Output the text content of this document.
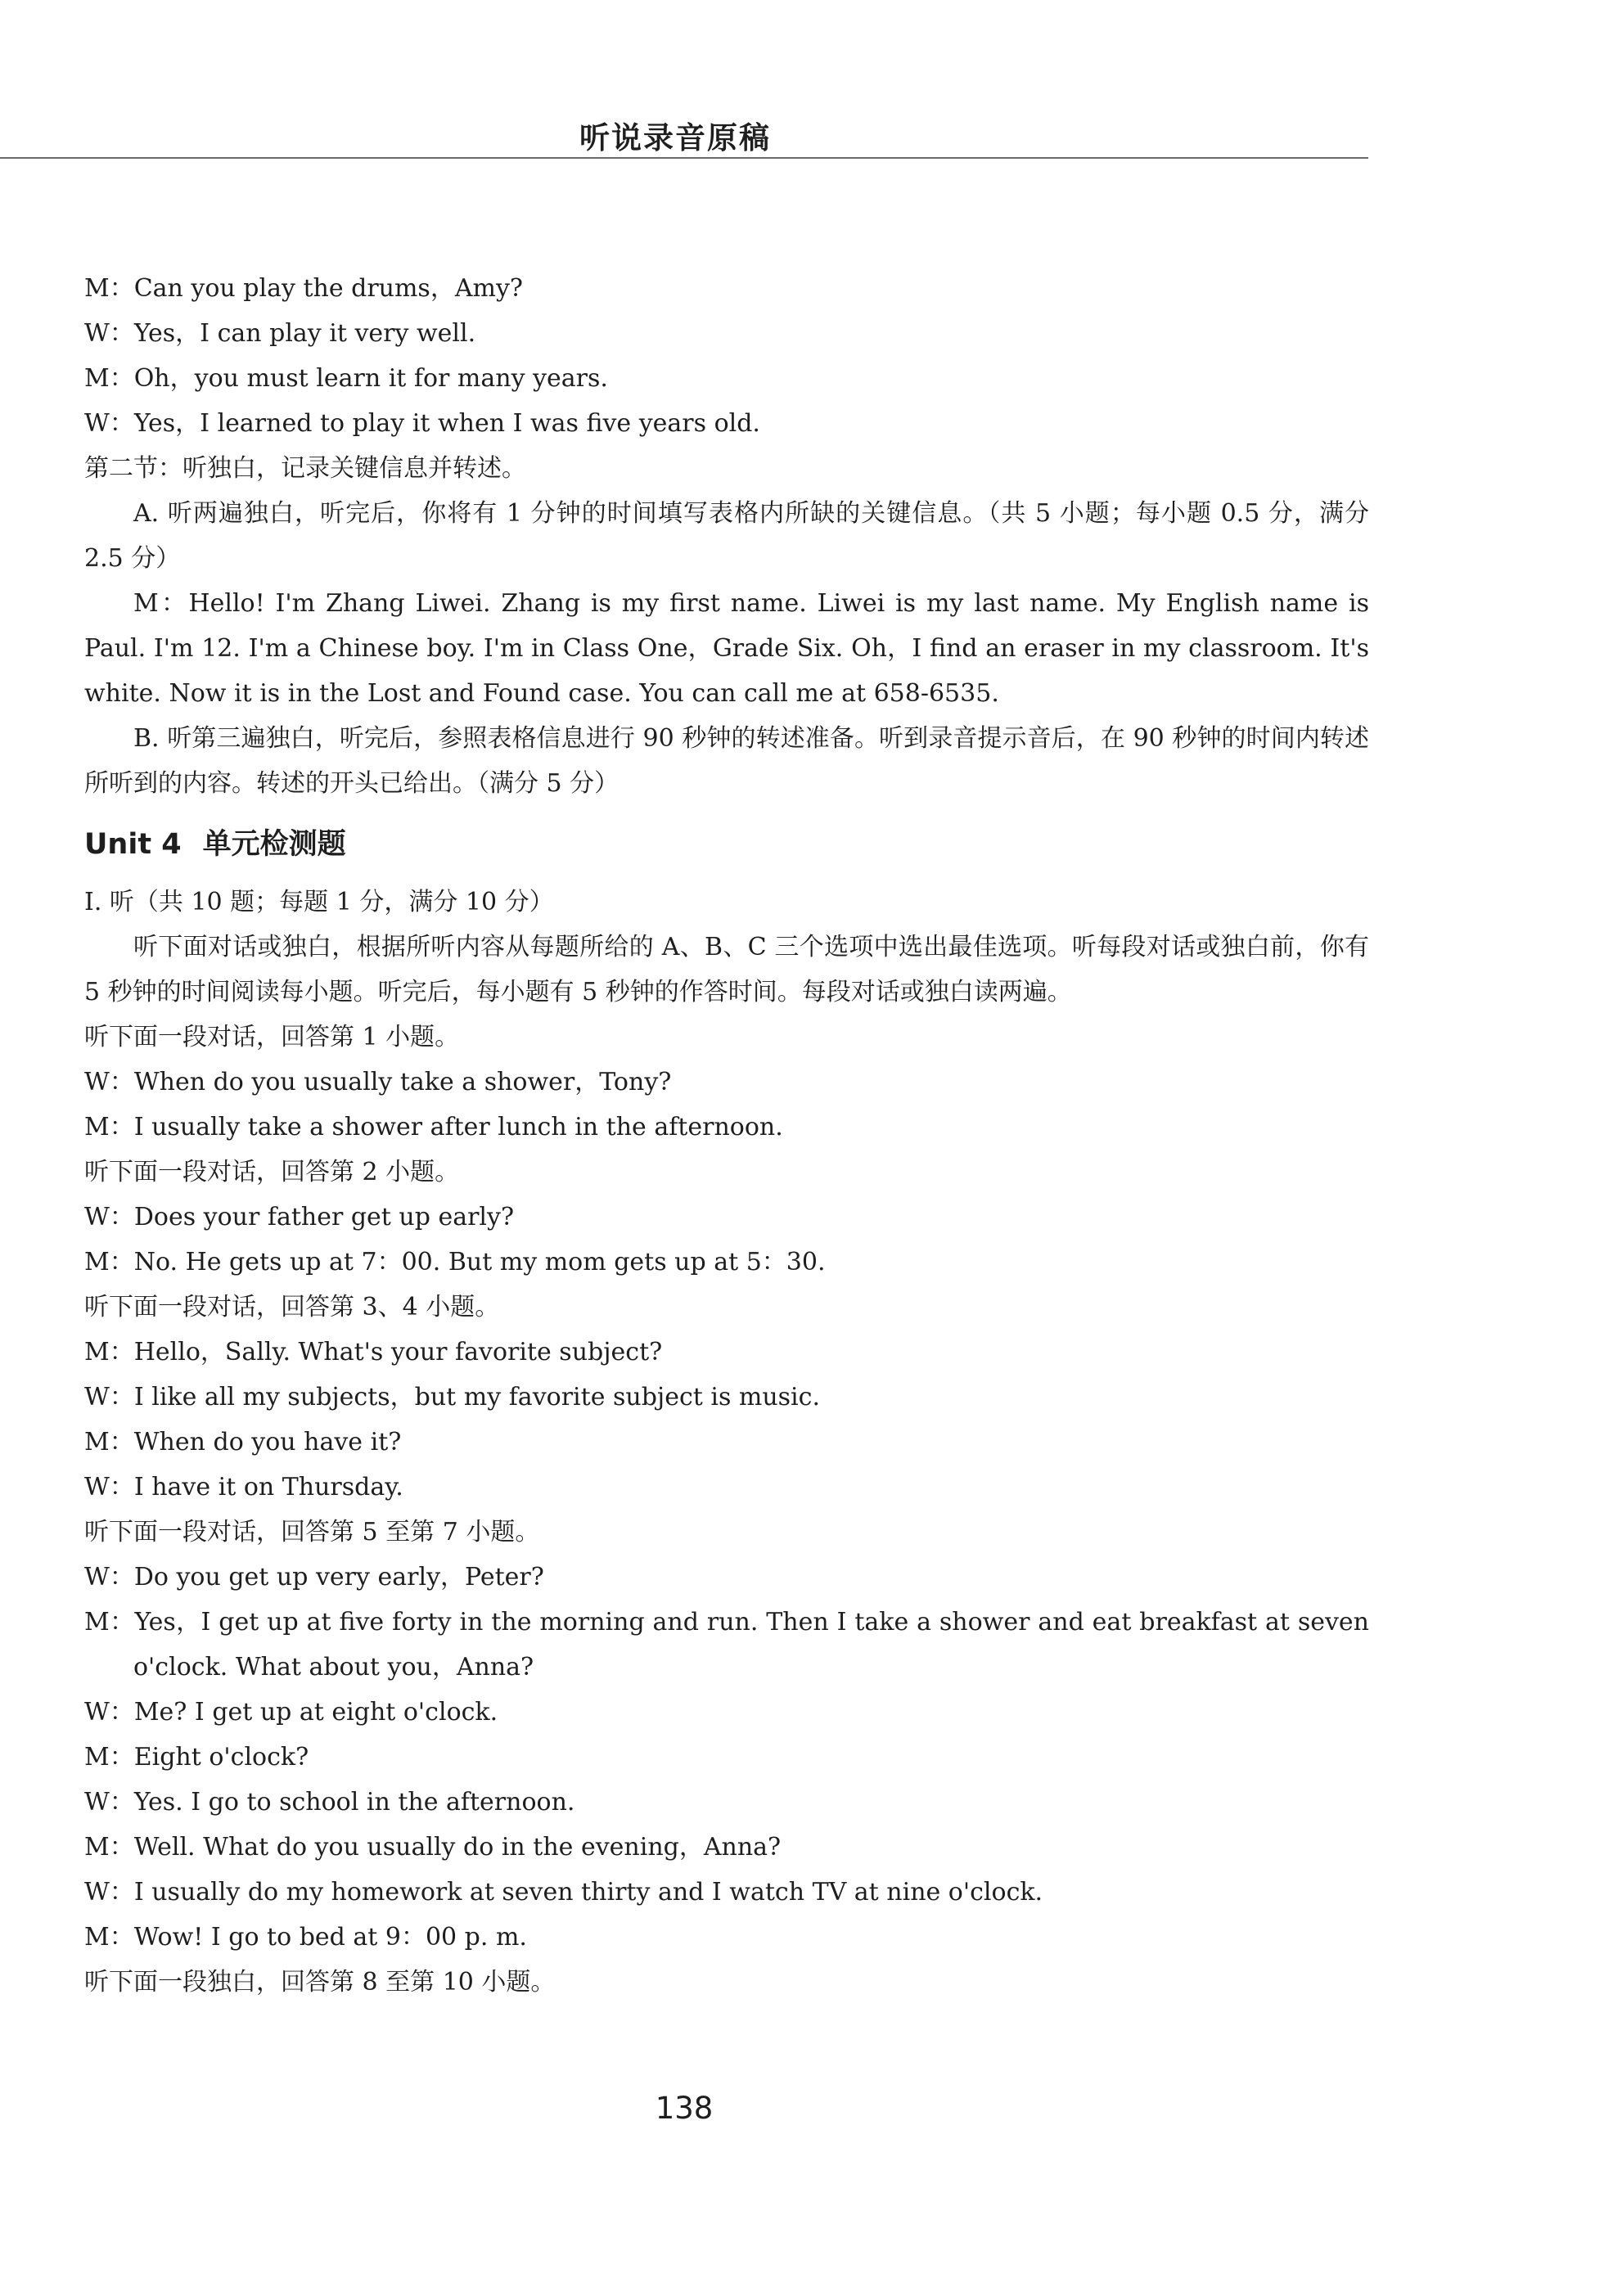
听说录音原稿
M：Can you play the drums，Amy?
W：Yes，I can play it very well.
M：Oh，you must learn it for many years.
W：Yes，I learned to play it when I was five years old.
第二节：听独白，记录关键信息并转述。

A. 听两遍独白，听完后，你将有 1 分钟的时间填写表格内所缺的关键信息。（共 5 小题；每小题 0.5 分，满分 2.5 分）

M：Hello! I'm Zhang Liwei. Zhang is my first name. Liwei is my last name. My English name is Paul. I'm 12. I'm a Chinese boy. I'm in Class One，Grade Six. Oh，I find an eraser in my classroom. It's white. Now it is in the Lost and Found case. You can call me at 658-6535.

B. 听第三遍独白，听完后，参照表格信息进行 90 秒钟的转述准备。听到录音提示音后，在 90 秒钟的时间内转述所听到的内容。转述的开头已给出。（满分 5 分）

Unit 4 单元检测题
Ⅰ. 听（共 10 题；每题 1 分，满分 10 分）

听下面对话或独白，根据所听内容从每题所给的 A、B、C 三个选项中选出最佳选项。听每段对话或独白前，你有 5 秒钟的时间阅读每小题。听完后，每小题有 5 秒钟的作答时间。每段对话或独白读两遍。

听下面一段对话，回答第 1 小题。
W：When do you usually take a shower，Tony?
M：I usually take a shower after lunch in the afternoon.
听下面一段对话，回答第 2 小题。
W：Does your father get up early?
M：No. He gets up at 7：00. But my mom gets up at 5：30.
听下面一段对话，回答第 3、4 小题。
M：Hello，Sally. What's your favorite subject?
W：I like all my subjects，but my favorite subject is music.
M：When do you have it?
W：I have it on Thursday.
听下面一段对话，回答第 5 至第 7 小题。
W：Do you get up very early，Peter?

M：Yes，I get up at five forty in the morning and run. Then I take a shower and eat breakfast at seven o'clock. What about you，Anna?

W：Me? I get up at eight o'clock.
M：Eight o'clock?
W：Yes. I go to school in the afternoon.
M：Well. What do you usually do in the evening，Anna?
W：I usually do my homework at seven thirty and I watch TV at nine o'clock.
M：Wow! I go to bed at 9：00 p. m.
听下面一段独白，回答第 8 至第 10 小题。
138
